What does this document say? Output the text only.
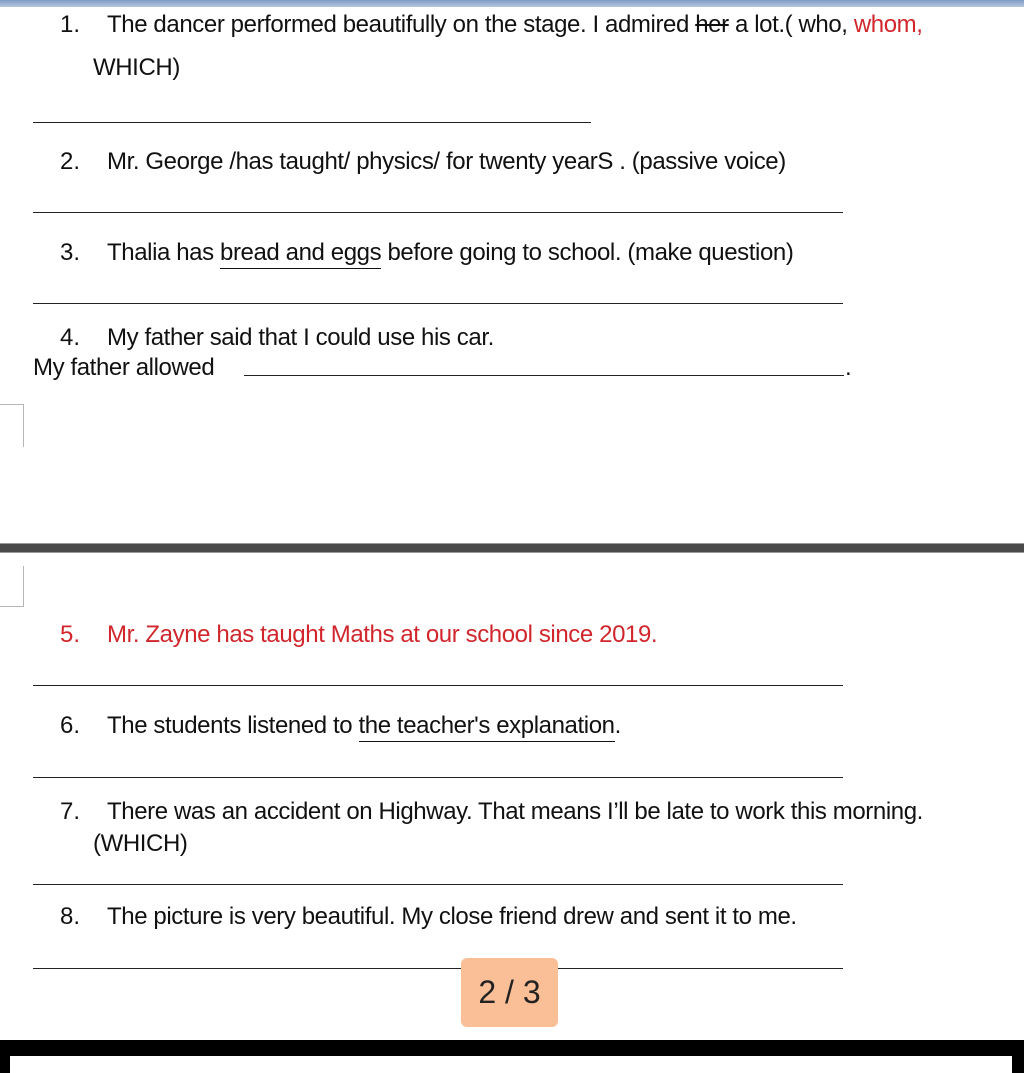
1. The dancer performed beautifully on the stage. I admired her a lot.( who, whom,
WHICH)
2. Mr. George /has taught/ physics/ for twenty yearS . (passive voice)
3. Thalia has bread and eggs before going to school. (make question)
4. My father said that I could use his car.
My father allowed	.
5. Mr. Zayne has taught Maths at our school since 2019.
6. The students listened to the teacher's explanation.
7. There was an accident on Highway. That means I’ll be late to work this morning.
(WHICH)
8. The picture is very beautiful. My close friend drew and sent it to me.
2 / 3
